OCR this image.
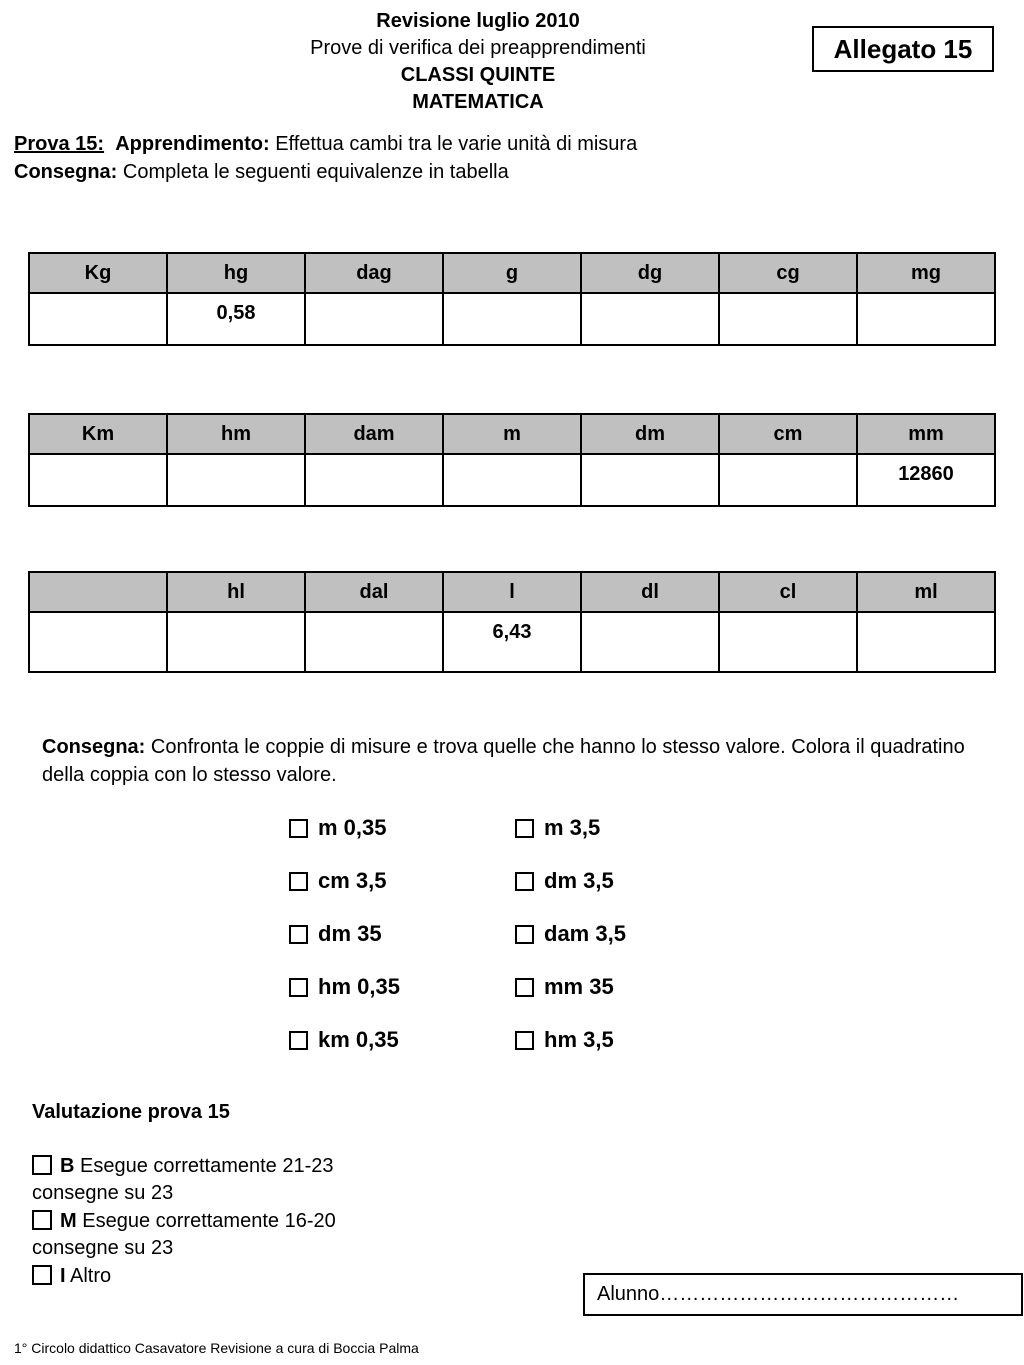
Revisione luglio 2010
Prove di verifica dei preapprendimenti
CLASSI QUINTE
MATEMATICA
Allegato 15
Prova 15: Apprendimento: Effettua cambi tra le varie unità di misura
Consegna: Completa le seguenti equivalenze in tabella
Kg	hg	dag	g	dg	cg	mg
	0,58					
Km	hm	dam	m	dm	cm	mm
						12860
	hl	dal	l	dl	cl	ml
			6,43			
Consegna: Confronta le coppie di misure e trova quelle che hanno lo stesso valore. Colora il quadratino della coppia con lo stesso valore.
m 0,35	m 3,5
cm 3,5	dm 3,5
dm 35	dam 3,5
hm 0,35	mm 35
km 0,35	hm 3,5
Valutazione prova 15
B Esegue correttamente 21-23
consegne su 23
M Esegue correttamente 16-20
consegne su 23
I Altro
Alunno………………………………………
1° Circolo didattico Casavatore Revisione a cura di Boccia Palma
